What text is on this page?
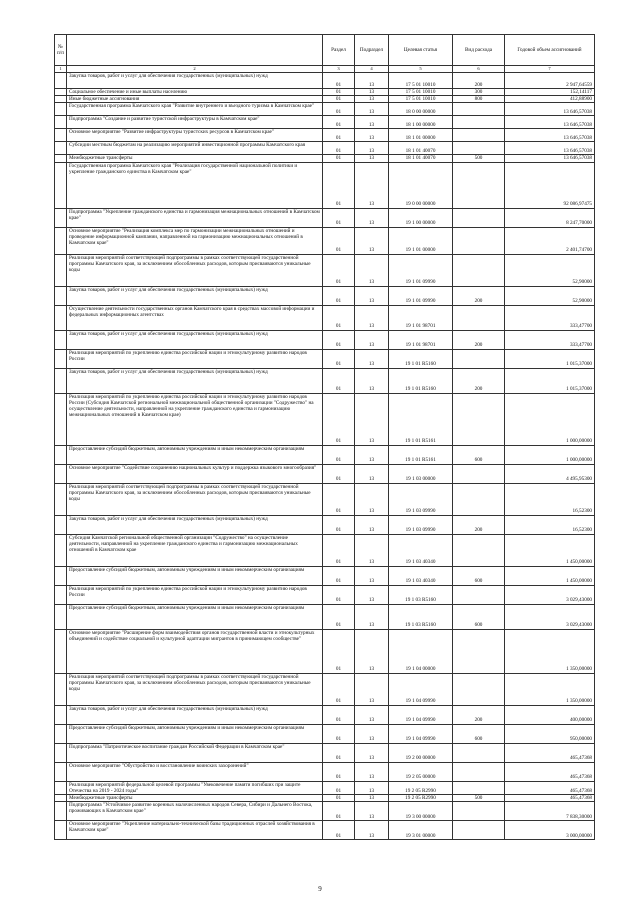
№ п/п		Раздел	Подраздел	Целевая статья	Вид расхода	Годовой объем ассигнований
1	2	3	4	5	6	7
	Закупка товаров, работ и услуг для обеспечения государственных (муниципальных) нужд	01	13	17 5 01 10010	200	2 947,64559
	Социальное обеспечение и иные выплаты населению	01	13	17 5 01 10010	300	152,14117
	Иные бюджетные ассигнования	01	13	17 5 01 10010	800	412,88900
	Государственная программа Камчатского края "Развитие внутреннего и въездного туризма в Камчатском крае"	01	13	18 0 00 00000		13 646,57038
	Подпрограмма "Создание и развитие туристской инфраструктуры в Камчатском крае"	01	13	18 1 00 00000		13 646,57038
	Основное мероприятие "Развитие инфраструктуры туристских ресурсов в Камчатском крае"	01	13	18 1 01 00000		13 646,57038
	Субсидии местным бюджетам на реализацию мероприятий инвестиционной программы Камчатского края	01	13	18 1 01 40070		13 646,57038
	Межбюджетные трансферты	01	13	18 1 01 40070	500	13 646,57038
	Государственная программа Камчатского края "Реализация государственной национальной политики и укрепление гражданского единства в Камчатском крае"	01	13	19 0 00 00000		92 086,97475
	Подпрограмма "Укрепление гражданского единства и гармонизация межнациональных отношений в Камчатском крае"	01	13	19 1 00 00000		8 247,70000
	Основное мероприятие "Реализация комплекса мер по гармонизации межнациональных отношений и проведение информационной кампании, направленной на гармонизацию межнациональных отношений в Камчатском крае"	01	13	19 1 01 00000		2 401,74700
	Реализация мероприятий соответствующей подпрограммы в рамках соответствующей государственной программы Камчатского края, за исключением обособленных расходов, которым присваиваются уникальные коды	01	13	19 1 01 09990		52,90000
	Закупка товаров, работ и услуг для обеспечения государственных (муниципальных) нужд	01	13	19 1 01 09990	200	52,90000
	Осуществление деятельности государственных органов Камчатского края в средствах массовой информации и федеральных информационных агентствах	01	13	19 1 01 98701		333,47700
	Закупка товаров, работ и услуг для обеспечения государственных (муниципальных) нужд	01	13	19 1 01 98701	200	333,47700
	Реализация мероприятий по укреплению единства российской нации и этнокультурному развитию народов России	01	13	19 1 01 R5160		1 015,37000
	Закупка товаров, работ и услуг для обеспечения государственных (муниципальных) нужд	01	13	19 1 01 R5160	200	1 015,37000
	Реализация мероприятий по укреплению единства российской нации и этнокультурному развитию народов России (Субсидия Камчатской региональной межнациональной общественной организации "Содружество" на осуществление деятельности, направленной на укрепление гражданского единства и гармонизацию межнациональных отношений в Камчатском крае)	01	13	19 1 01 R5161		1 000,00000
	Предоставление субсидий бюджетным, автономным учреждениям и иным некоммерческим организациям	01	13	19 1 01 R5161	600	1 000,00000
	Основное мероприятие "Содействие сохранению национальных культур и поддержка языкового многообразия"	01	13	19 1 03 00000		4 495,95300
	Реализация мероприятий соответствующей подпрограммы в рамках соответствующей государственной программы Камчатского края, за исключением обособленных расходов, которым присваиваются уникальные коды	01	13	19 1 03 09990		16,52300
	Закупка товаров, работ и услуг для обеспечения государственных (муниципальных) нужд	01	13	19 1 03 09990	200	16,52300
	Субсидия Камчатской региональной общественной организации "Содружество" на осуществление деятельности, направленной на укрепление гражданского единства и гармонизацию межнациональных отношений в Камчатском крае	01	13	19 1 03 40340		1 450,00000
	Предоставление субсидий бюджетным, автономным учреждениям и иным некоммерческим организациям	01	13	19 1 03 40340	600	1 450,00000
	Реализация мероприятий по укреплению единства российской нации и этнокультурному развитию народов России	01	13	19 1 03 R5160		3 029,43000
	Предоставление субсидий бюджетным, автономным учреждениям и иным некоммерческим организациям	01	13	19 1 03 R5160	600	3 029,43000
	Основное мероприятие "Расширение форм взаимодействия органов государственной власти и этнокультурных объединений и содействие социальной и культурной адаптации мигрантов в принимающем сообществе"	01	13	19 1 04 00000		1 350,00000
	Реализация мероприятий соответствующей подпрограммы в рамках соответствующей государственной программы Камчатского края, за исключением обособленных расходов, которым присваиваются уникальные коды	01	13	19 1 04 09990		1 350,00000
	Закупка товаров, работ и услуг для обеспечения государственных (муниципальных) нужд	01	13	19 1 04 09990	200	400,00000
	Предоставление субсидий бюджетным, автономным учреждениям и иным некоммерческим организациям	01	13	19 1 04 09990	600	950,00000
	Подпрограмма "Патриотическое воспитание граждан Российской Федерации в Камчатском крае"	01	13	19 2 00 00000		465,47368
	Основное мероприятие "Обустройство и восстановление воинских захоронений"	01	13	19 2 05 00000		465,47368
	Реализация мероприятий федеральной целевой программы "Увековечение памяти погибших при защите Отечества на 2019 - 2024 годы"	01	13	19 2 05 R2990		465,47368
	Межбюджетные трансферты	01	13	19 2 05 R2990	500	465,47368
	Подпрограмма "Устойчивое развитие коренных малочисленных народов Севера, Сибири и Дальнего Востока, проживающих в Камчатском крае"	01	13	19 3 00 00000		7 838,30000
	Основное мероприятие "Укрепление материально-технической базы традиционных отраслей хозяйствования в Камчатском крае"	01	13	19 3 01 00000		3 000,00000
9
